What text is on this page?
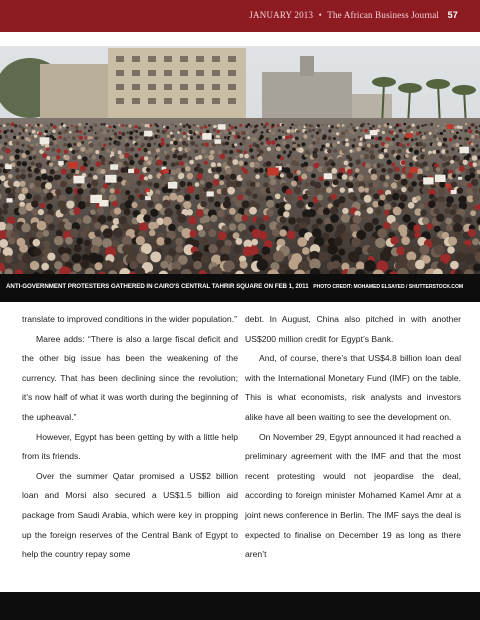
JANUARY 2013 • The African Business Journal 57
ANTI-GOVERNMENT PROTESTERS GATHERED IN CAIRO'S CENTRAL TAHRIR SQUARE ON FEB 1, 2011 PHOTO CREDIT: MOHAMED ELSAYED / SHUTTERSTOCK.COM

translate to improved conditions in the wider population.”

Maree adds: “There is also a large fiscal deficit and the other big issue has been the weakening of the currency. That has been declining since the revolution; it’s now half of what it was worth during the beginning of the upheaval.”

However, Egypt has been getting by with a little help from its friends.

Over the summer Qatar promised a US$2 billion loan and Morsi also secured a US$1.5 billion aid package from Saudi Arabia, which were key in propping up the foreign reserves of the Central Bank of Egypt to help the country repay some

debt. In August, China also pitched in with another US$200 million credit for Egypt’s Bank.

And, of course, there’s that US$4.8 billion loan deal with the International Monetary Fund (IMF) on the table. This is what economists, risk analysts and investors alike have all been waiting to see the development on.

On November 29, Egypt announced it had reached a preliminary agreement with the IMF and that the most recent protesting would not jeopardise the deal, according to foreign minister Mohamed Kamel Amr at a joint news conference in Berlin. The IMF says the deal is expected to finalise on December 19 as long as there aren’t
